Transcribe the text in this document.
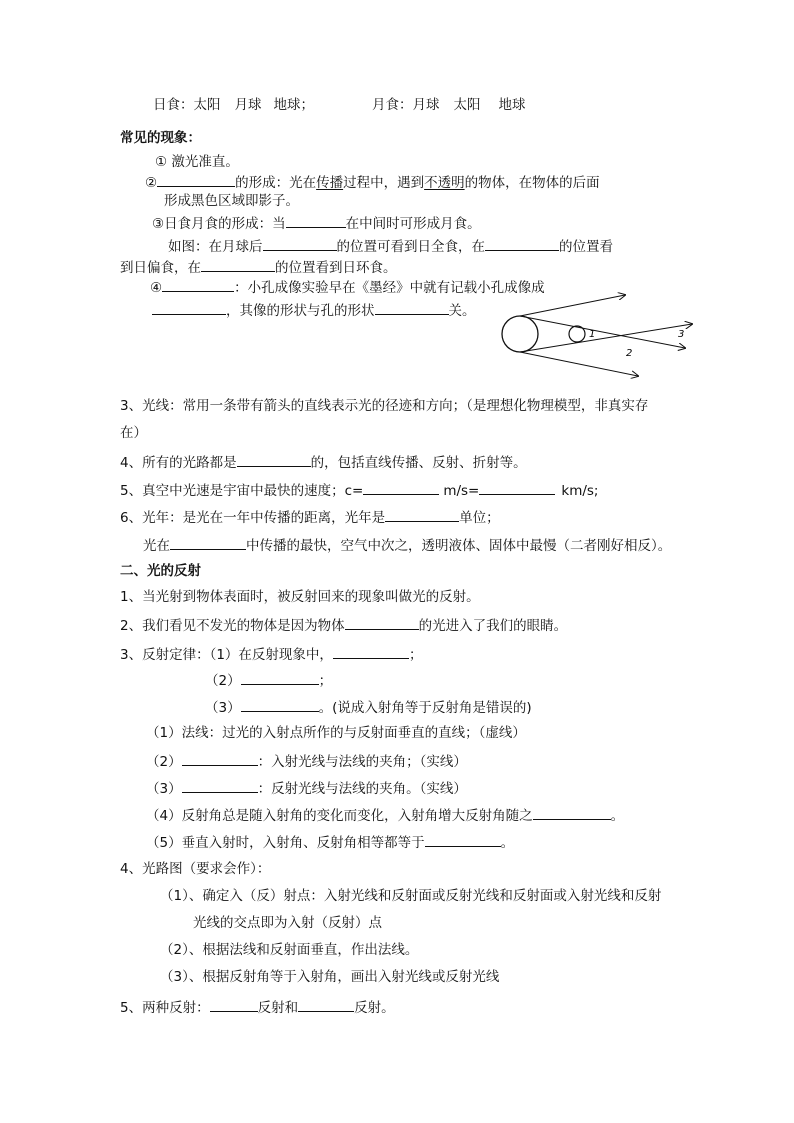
日食：太阳 月球 地球；	月食：月球 太阳 地球
常见的现象：
① 激光准直。
②	的形成：光在传播过程中，遇到不透明的物体，在物体的后面
形成黑色区域即影子。
③日食月食的形成：当	在中间时可形成月食。
如图：在月球后	的位置可看到日全食，在	的位置看
到日偏食，在	的位置看到日环食。
④	：小孔成像实验早在《墨经》中就有记载小孔成像成
，其像的形状与孔的形状	关。
1
2
3
3、光线：常用一条带有箭头的直线表示光的径迹和方向；（是理想化物理模型，非真实存
在）
4、所有的光路都是	的，包括直线传播、反射、折射等。
5、真空中光速是宇宙中最快的速度；c=	m/s=	km/s;
6、光年：是光在一年中传播的距离，光年是	单位；
光在	中传播的最快，空气中次之，透明液体、固体中最慢（二者刚好相反）。
二、光的反射
1、当光射到物体表面时，被反射回来的现象叫做光的反射。
2、我们看见不发光的物体是因为物体	的光进入了我们的眼睛。
3、反射定律：（1）在反射现象中，	；
（2）	；
（3）	。(说成入射角等于反射角是错误的)
（1）法线：过光的入射点所作的与反射面垂直的直线；（虚线）
（2）	：入射光线与法线的夹角；（实线）
（3）	：反射光线与法线的夹角。（实线）
（4）反射角总是随入射角的变化而变化，入射角增大反射角随之	。
（5）垂直入射时，入射角、反射角相等都等于	。
4、光路图（要求会作）：
（1）、确定入（反）射点：入射光线和反射面或反射光线和反射面或入射光线和反射
光线的交点即为入射（反射）点
（2）、根据法线和反射面垂直，作出法线。
（3）、根据反射角等于入射角，画出入射光线或反射光线
5、两种反射：	反射和	反射。
